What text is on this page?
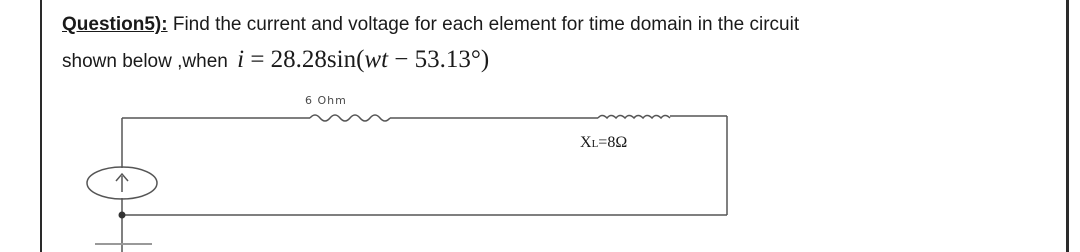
Question5): Find the current and voltage for each element for time domain in the circuit
shown below ,when i = 28.28sin(wt − 53.13°)
6 Ohm
XL=8Ω
